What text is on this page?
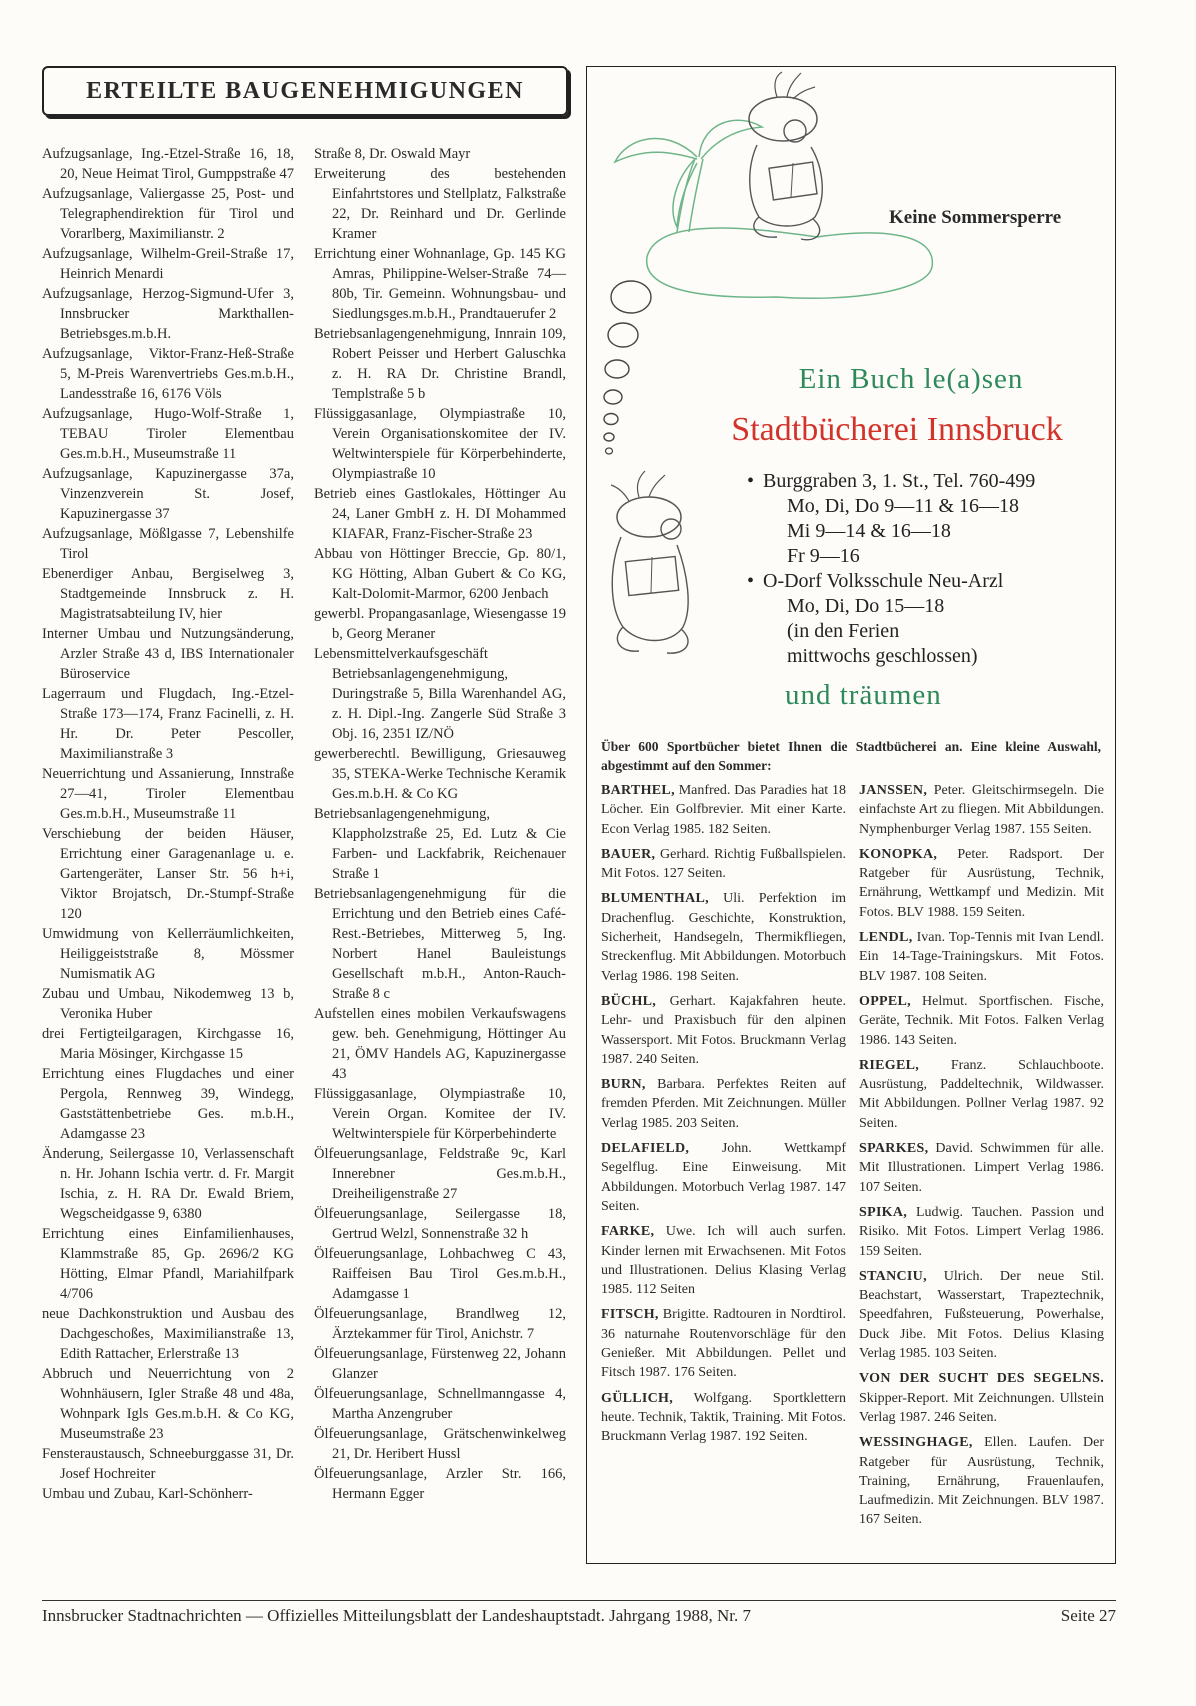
ERTEILTE BAUGENEHMIGUNGEN

Aufzugsanlage, Ing.-Etzel-Straße 16, 18, 20, Neue Heimat Tirol, Gumppstraße 47

Aufzugsanlage, Valiergasse 25, Post- und Telegraphendirektion für Tirol und Vorarlberg, Maximilianstr. 2

Aufzugsanlage, Wilhelm-Greil-Straße 17, Heinrich Menardi

Aufzugsanlage, Herzog-Sigmund-Ufer 3, Innsbrucker Markthallen-Betriebsges.m.b.H.

Aufzugsanlage, Viktor-Franz-Heß-Straße 5, M-Preis Warenvertriebs Ges.m.b.H., Landesstraße 16, 6176 Völs

Aufzugsanlage, Hugo-Wolf-Straße 1, TEBAU Tiroler Elementbau Ges.m.b.H., Museumstraße 11

Aufzugsanlage, Kapuzinergasse 37a, Vinzenzverein St. Josef, Kapuzinergasse 37

Aufzugsanlage, Mößlgasse 7, Lebenshilfe Tirol

Ebenerdiger Anbau, Bergiselweg 3, Stadtgemeinde Innsbruck z. H. Magistratsabteilung IV, hier

Interner Umbau und Nutzungsänderung, Arzler Straße 43 d, IBS Internationaler Büroservice

Lagerraum und Flugdach, Ing.-Etzel-Straße 173—174, Franz Facinelli, z. H. Hr. Dr. Peter Pescoller, Maximilianstraße 3

Neuerrichtung und Assanierung, Innstraße 27—41, Tiroler Elementbau Ges.m.b.H., Museumstraße 11

Verschiebung der beiden Häuser, Errichtung einer Garagenanlage u. e. Gartengeräter, Lanser Str. 56 h+i, Viktor Brojatsch, Dr.-Stumpf-Straße 120

Umwidmung von Kellerräumlichkeiten, Heiliggeiststraße 8, Mössmer Numismatik AG

Zubau und Umbau, Nikodemweg 13 b, Veronika Huber

drei Fertigteilgaragen, Kirchgasse 16, Maria Mösinger, Kirchgasse 15

Errichtung eines Flugdaches und einer Pergola, Rennweg 39, Windegg, Gaststättenbetriebe Ges. m.b.H., Adamgasse 23

Änderung, Seilergasse 10, Verlassenschaft n. Hr. Johann Ischia vertr. d. Fr. Margit Ischia, z. H. RA Dr. Ewald Briem, Wegscheidgasse 9, 6380

Errichtung eines Einfamilienhauses, Klammstraße 85, Gp. 2696/2 KG Hötting, Elmar Pfandl, Mariahilfpark 4/706

neue Dachkonstruktion und Ausbau des Dachgeschoßes, Maximilianstraße 13, Edith Rattacher, Erlerstraße 13

Abbruch und Neuerrichtung von 2 Wohnhäusern, Igler Straße 48 und 48a, Wohnpark Igls Ges.m.b.H. & Co KG, Museumstraße 23

Fensteraustausch, Schneeburggasse 31, Dr. Josef Hochreiter

Umbau und Zubau, Karl-Schönherr-

Straße 8, Dr. Oswald Mayr

Erweiterung des bestehenden Einfahrtstores und Stellplatz, Falkstraße 22, Dr. Reinhard und Dr. Gerlinde Kramer

Errichtung einer Wohnanlage, Gp. 145 KG Amras, Philippine-Welser-Straße 74—80b, Tir. Gemeinn. Wohnungsbau- und Siedlungsges.m.b.H., Prandtauerufer 2

Betriebsanlagengenehmigung, Innrain 109, Robert Peisser und Herbert Galuschka z. H. RA Dr. Christine Brandl, Templstraße 5 b

Flüssiggasanlage, Olympiastraße 10, Verein Organisationskomitee der IV. Weltwinterspiele für Körperbehinderte, Olympiastraße 10

Betrieb eines Gastlokales, Höttinger Au 24, Laner GmbH z. H. DI Mohammed KIAFAR, Franz-Fischer-Straße 23

Abbau von Höttinger Breccie, Gp. 80/1, KG Hötting, Alban Gubert & Co KG, Kalt-Dolomit-Marmor, 6200 Jenbach

gewerbl. Propangasanlage, Wiesengasse 19 b, Georg Meraner

Lebensmittelverkaufsgeschäft Betriebsanlagengenehmigung, Duringstraße 5, Billa Warenhandel AG, z. H. Dipl.-Ing. Zangerle Süd Straße 3 Obj. 16, 2351 IZ/NÖ

gewerberechtl. Bewilligung, Griesauweg 35, STEKA-Werke Technische Keramik Ges.m.b.H. & Co KG

Betriebsanlagengenehmigung, Klappholzstraße 25, Ed. Lutz & Cie Farben- und Lackfabrik, Reichenauer Straße 1

Betriebsanlagengenehmigung für die Errichtung und den Betrieb eines Café-Rest.-Betriebes, Mitterweg 5, Ing. Norbert Hanel Bauleistungs Gesellschaft m.b.H., Anton-Rauch-Straße 8 c

Aufstellen eines mobilen Verkaufswagens gew. beh. Genehmigung, Höttinger Au 21, ÖMV Handels AG, Kapuzinergasse 43

Flüssiggasanlage, Olympiastraße 10, Verein Organ. Komitee der IV. Weltwinterspiele für Körperbehinderte

Ölfeuerungsanlage, Feldstraße 9c, Karl Innerebner Ges.m.b.H., Dreiheiligenstraße 27

Ölfeuerungsanlage, Seilergasse 18, Gertrud Welzl, Sonnenstraße 32 h

Ölfeuerungsanlage, Lohbachweg C 43, Raiffeisen Bau Tirol Ges.m.b.H., Adamgasse 1

Ölfeuerungsanlage, Brandlweg 12, Ärztekammer für Tirol, Anichstr. 7

Ölfeuerungsanlage, Fürstenweg 22, Johann Glanzer

Ölfeuerungsanlage, Schnellmanngasse 4, Martha Anzengruber

Ölfeuerungsanlage, Grätschenwinkelweg 21, Dr. Heribert Hussl

Ölfeuerungsanlage, Arzler Str. 166, Hermann Egger

Keine Sommersperre
Ein Buch le(a)sen
Stadtbücherei Innsbruck

• Burggraben 3, 1. St., Tel. 760-499

Mo, Di, Do 9—11 & 16—18

Mi 9—14 & 16—18

Fr 9—16

• O-Dorf Volksschule Neu-Arzl

Mo, Di, Do 15—18

(in den Ferien

mittwochs geschlossen)

und träumen
Über 600 Sportbücher bietet Ihnen die Stadtbücherei an. Eine kleine Auswahl, abgestimmt auf den Sommer:

BARTHEL, Manfred. Das Paradies hat 18 Löcher. Ein Golfbrevier. Mit einer Karte. Econ Verlag 1985. 182 Seiten.

BAUER, Gerhard. Richtig Fußballspielen. Mit Fotos. 127 Seiten.

BLUMENTHAL, Uli. Perfektion im Drachenflug. Geschichte, Konstruktion, Sicherheit, Handsegeln, Thermikfliegen, Streckenflug. Mit Abbildungen. Motorbuch Verlag 1986. 198 Seiten.

BÜCHL, Gerhart. Kajakfahren heute. Lehr- und Praxisbuch für den alpinen Wassersport. Mit Fotos. Bruckmann Verlag 1987. 240 Seiten.

BURN, Barbara. Perfektes Reiten auf fremden Pferden. Mit Zeichnungen. Müller Verlag 1985. 203 Seiten.

DELAFIELD, John. Wettkampf Segelflug. Eine Einweisung. Mit Abbildungen. Motorbuch Verlag 1987. 147 Seiten.

FARKE, Uwe. Ich will auch surfen. Kinder lernen mit Erwachsenen. Mit Fotos und Illustrationen. Delius Klasing Verlag 1985. 112 Seiten

FITSCH, Brigitte. Radtouren in Nordtirol. 36 naturnahe Routenvorschläge für den Genießer. Mit Abbildungen. Pellet und Fitsch 1987. 176 Seiten.

GÜLLICH, Wolfgang. Sportklettern heute. Technik, Taktik, Training. Mit Fotos. Bruckmann Verlag 1987. 192 Seiten.

JANSSEN, Peter. Gleitschirmsegeln. Die einfachste Art zu fliegen. Mit Abbildungen. Nymphenburger Verlag 1987. 155 Seiten.

KONOPKA, Peter. Radsport. Der Ratgeber für Ausrüstung, Technik, Ernährung, Wettkampf und Medizin. Mit Fotos. BLV 1988. 159 Seiten.

LENDL, Ivan. Top-Tennis mit Ivan Lendl. Ein 14-Tage-Trainingskurs. Mit Fotos. BLV 1987. 108 Seiten.

OPPEL, Helmut. Sportfischen. Fische, Geräte, Technik. Mit Fotos. Falken Verlag 1986. 143 Seiten.

RIEGEL, Franz. Schlauchboote. Ausrüstung, Paddeltechnik, Wildwasser. Mit Abbildungen. Pollner Verlag 1987. 92 Seiten.

SPARKES, David. Schwimmen für alle. Mit Illustrationen. Limpert Verlag 1986. 107 Seiten.

SPIKA, Ludwig. Tauchen. Passion und Risiko. Mit Fotos. Limpert Verlag 1986. 159 Seiten.

STANCIU, Ulrich. Der neue Stil. Beachstart, Wasserstart, Trapeztechnik, Speedfahren, Fußsteuerung, Powerhalse, Duck Jibe. Mit Fotos. Delius Klasing Verlag 1985. 103 Seiten.

VON DER SUCHT DES SEGELNS. Skipper-Report. Mit Zeichnungen. Ullstein Verlag 1987. 246 Seiten.

WESSINGHAGE, Ellen. Laufen. Der Ratgeber für Ausrüstung, Technik, Training, Ernährung, Frauenlaufen, Laufmedizin. Mit Zeichnungen. BLV 1987. 167 Seiten.

Innsbrucker Stadtnachrichten — Offizielles Mitteilungsblatt der Landeshauptstadt. Jahrgang 1988, Nr. 7	Seite 27
